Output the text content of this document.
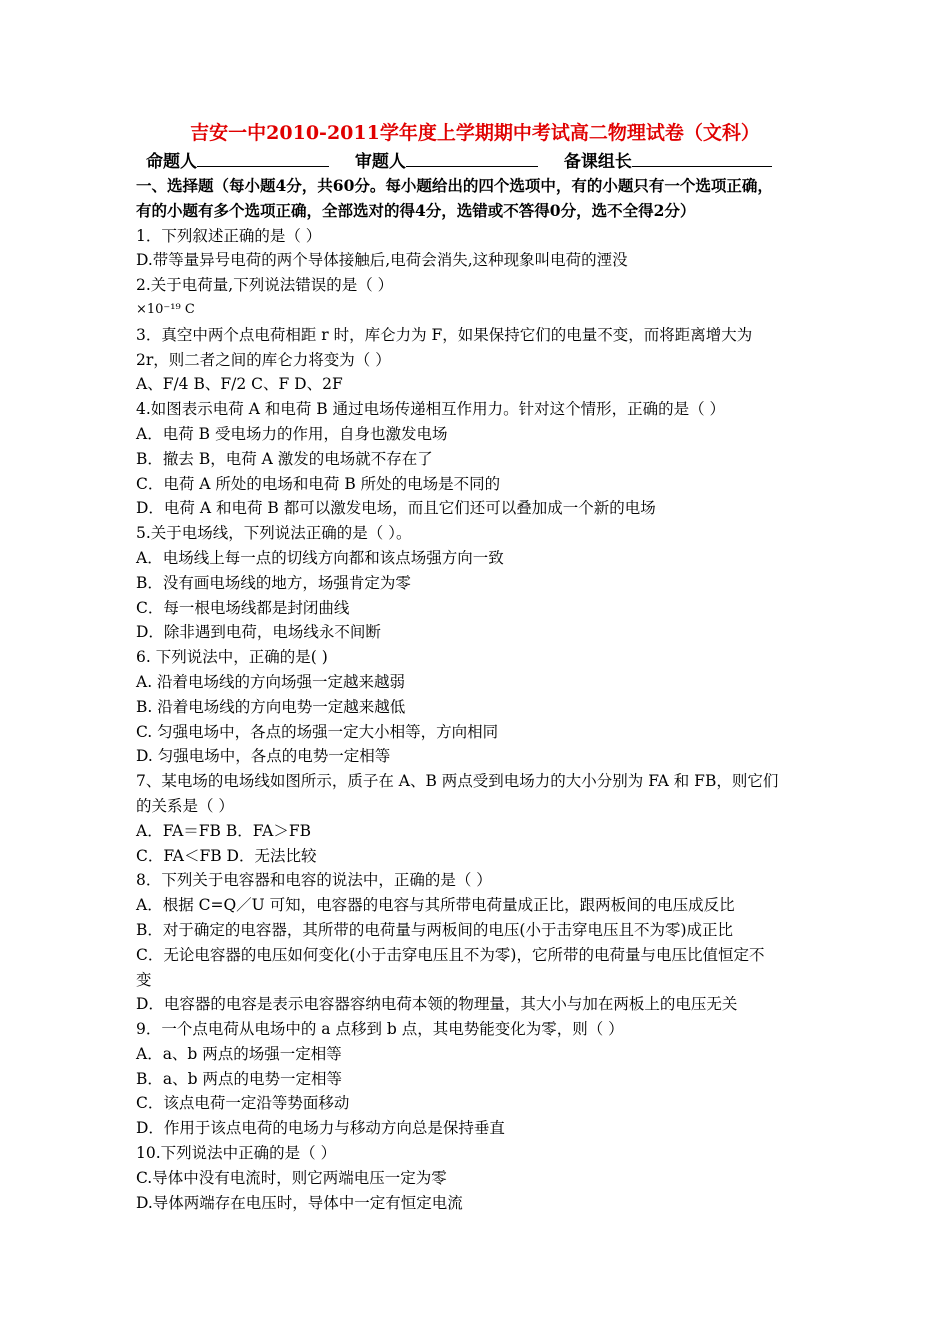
吉安一中2010-2011学年度上学期期中考试高二物理试卷（文科）
命题人	审题人	备课组长
一、选择题（每小题4分，共60分。每小题给出的四个选项中，有的小题只有一个选项正确，
有的小题有多个选项正确，全部选对的得4分，选错或不答得0分，选不全得2分）
1．下列叙述正确的是（ ）
D.带等量异号电荷的两个导体接触后,电荷会消失,这种现象叫电荷的湮没
2.关于电荷量,下列说法错误的是（ ）
×10⁻¹⁹ C
3．真空中两个点电荷相距 r 时，库仑力为 F，如果保持它们的电量不变，而将距离增大为
2r，则二者之间的库仑力将变为（ ）
A、F/4 B、F/2 C、F D、2F
4.如图表示电荷 A 和电荷 B 通过电场传递相互作用力。针对这个情形，正确的是（ ）
A．电荷 B 受电场力的作用，自身也激发电场
B．撤去 B，电荷 A 激发的电场就不存在了
C．电荷 A 所处的电场和电荷 B 所处的电场是不同的
D．电荷 A 和电荷 B 都可以激发电场，而且它们还可以叠加成一个新的电场
5.关于电场线，下列说法正确的是（ ）。
A．电场线上每一点的切线方向都和该点场强方向一致
B．没有画电场线的地方，场强肯定为零
C．每一根电场线都是封闭曲线
D．除非遇到电荷，电场线永不间断
6. 下列说法中，正确的是( )
A. 沿着电场线的方向场强一定越来越弱
B. 沿着电场线的方向电势一定越来越低
C. 匀强电场中，各点的场强一定大小相等，方向相同
D. 匀强电场中，各点的电势一定相等
7、某电场的电场线如图所示，质子在 A、B 两点受到电场力的大小分别为 FA 和 FB，则它们
的关系是（ ）
A．FA＝FB B．FA＞FB
C．FA＜FB D．无法比较
8．下列关于电容器和电容的说法中，正确的是（ ）
A．根据 C=Q／U 可知，电容器的电容与其所带电荷量成正比，跟两板间的电压成反比
B．对于确定的电容器，其所带的电荷量与两板间的电压(小于击穿电压且不为零)成正比
C．无论电容器的电压如何变化(小于击穿电压且不为零)，它所带的电荷量与电压比值恒定不
变
D．电容器的电容是表示电容器容纳电荷本领的物理量，其大小与加在两板上的电压无关
9．一个点电荷从电场中的 a 点移到 b 点，其电势能变化为零，则（ ）
A．a、b 两点的场强一定相等
B．a、b 两点的电势一定相等
C．该点电荷一定沿等势面移动
D．作用于该点电荷的电场力与移动方向总是保持垂直
10.下列说法中正确的是（ ）
C.导体中没有电流时，则它两端电压一定为零
D.导体两端存在电压时，导体中一定有恒定电流
